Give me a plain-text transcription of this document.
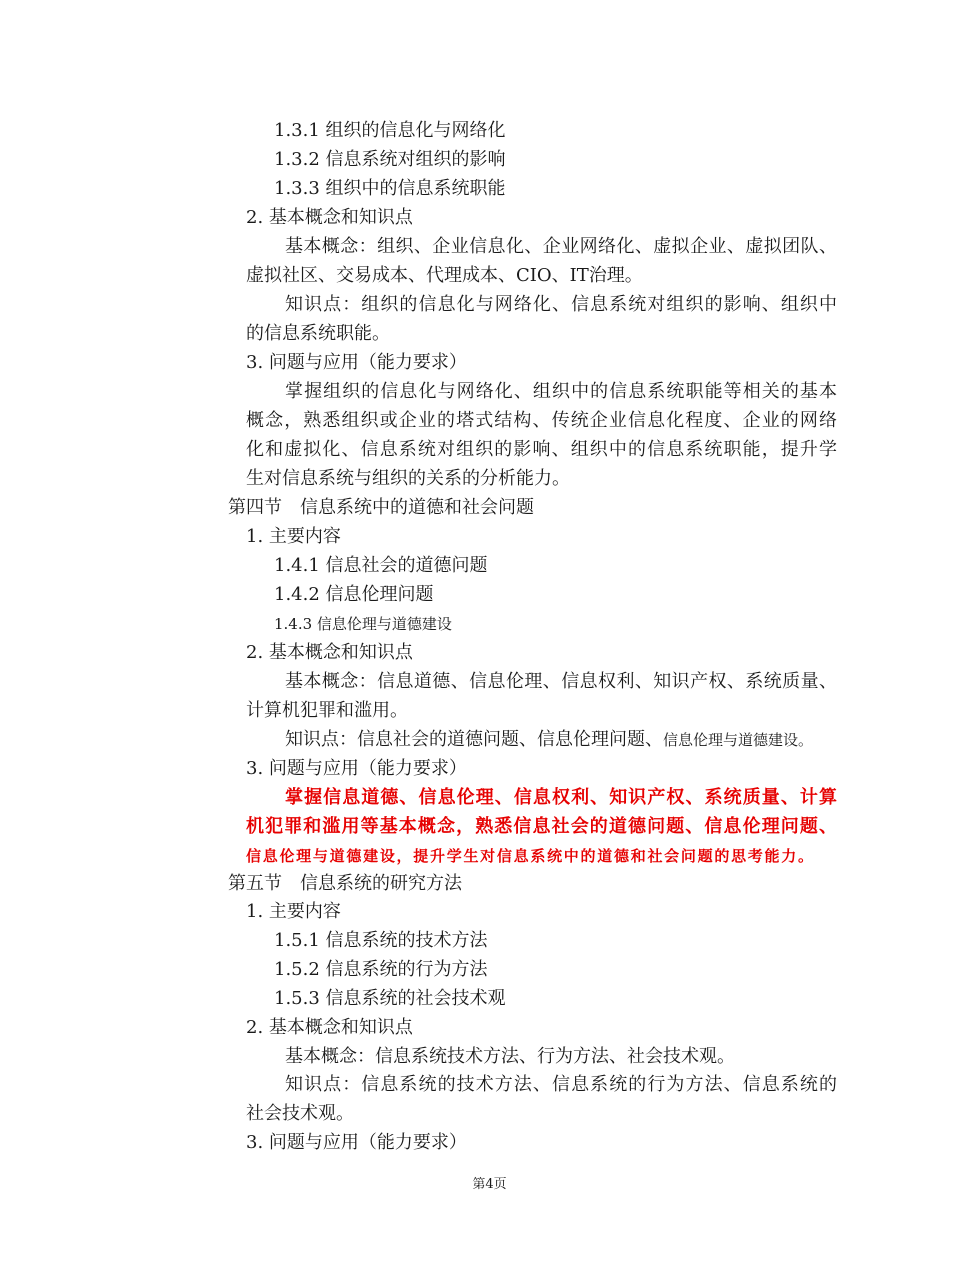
1.3.1 组织的信息化与网络化
1.3.2 信息系统对组织的影响
1.3.3 组织中的信息系统职能
2. 基本概念和知识点
基本概念：组织、企业信息化、企业网络化、虚拟企业、虚拟团队、
虚拟社区、交易成本、代理成本、CIO、IT治理。
知识点：组织的信息化与网络化、信息系统对组织的影响、组织中
的信息系统职能。
3. 问题与应用（能力要求）
掌握组织的信息化与网络化、组织中的信息系统职能等相关的基本
概念，熟悉组织或企业的塔式结构、传统企业信息化程度、企业的网络
化和虚拟化、信息系统对组织的影响、组织中的信息系统职能，提升学
生对信息系统与组织的关系的分析能力。
第四节　信息系统中的道德和社会问题
1. 主要内容
1.4.1 信息社会的道德问题
1.4.2 信息伦理问题
1.4.3 信息伦理与道德建设
2. 基本概念和知识点
基本概念：信息道德、信息伦理、信息权利、知识产权、系统质量、
计算机犯罪和滥用。
知识点：信息社会的道德问题、信息伦理问题、信息伦理与道德建设。
3. 问题与应用（能力要求）
掌握信息道德、信息伦理、信息权利、知识产权、系统质量、计算
机犯罪和滥用等基本概念，熟悉信息社会的道德问题、信息伦理问题、
信息伦理与道德建设，提升学生对信息系统中的道德和社会问题的思考能力。
第五节　信息系统的研究方法
1. 主要内容
1.5.1 信息系统的技术方法
1.5.2 信息系统的行为方法
1.5.3 信息系统的社会技术观
2. 基本概念和知识点
基本概念：信息系统技术方法、行为方法、社会技术观。
知识点：信息系统的技术方法、信息系统的行为方法、信息系统的
社会技术观。
3. 问题与应用（能力要求）
第4页
